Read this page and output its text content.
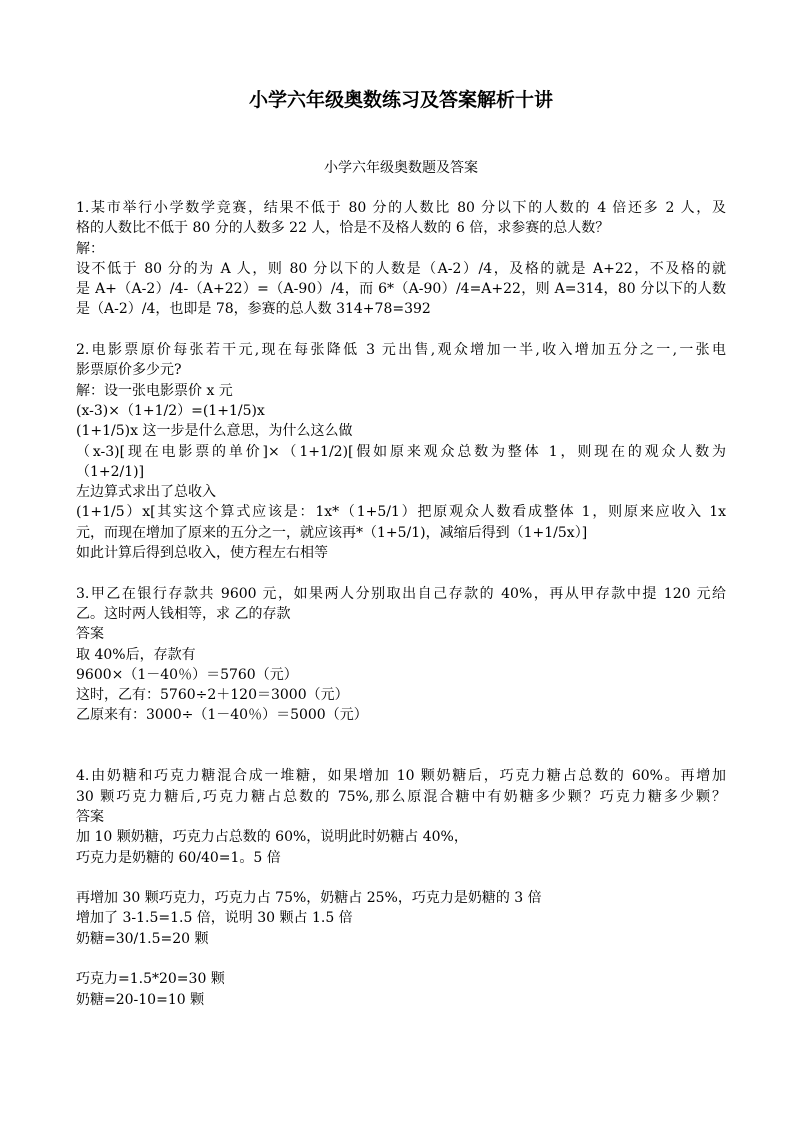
小学六年级奥数练习及答案解析十讲
小学六年级奥数题及答案
1.某市举行小学数学竞赛，结果不低于 80 分的人数比 80 分以下的人数的 4 倍还多 2 人，及
格的人数比不低于 80 分的人数多 22 人，恰是不及格人数的 6 倍，求参赛的总人数？
解：
设不低于 80 分的为 A 人，则 80 分以下的人数是（A-2）/4，及格的就是 A+22，不及格的就
是 A+（A-2）/4-（A+22）=（A-90）/4，而 6*（A-90）/4=A+22，则 A=314，80 分以下的人数
是（A-2）/4，也即是 78，参赛的总人数 314+78=392
2.电影票原价每张若干元,现在每张降低 3 元出售,观众增加一半,收入增加五分之一,一张电
影票原价多少元?
解：设一张电影票价 x 元
(x-3)×（1+1/2）=(1+1/5)x
(1+1/5)x 这一步是什么意思，为什么这么做
（x-3)[现在电影票的单价]×（1+1/2)[假如原来观众总数为整体 1，则现在的观众人数为
（1+2/1)]
左边算式求出了总收入
(1+1/5）x[其实这个算式应该是：1x*（1+5/1）把原观众人数看成整体 1，则原来应收入 1x
元，而现在增加了原来的五分之一，就应该再*（1+5/1)，减缩后得到（1+1/5x）]
如此计算后得到总收入，使方程左右相等
3.甲乙在银行存款共 9600 元，如果两人分别取出自己存款的 40%，再从甲存款中提 120 元给
乙。这时两人钱相等，求 乙的存款
答案
取 40%后，存款有
9600×（1－40％）＝5760（元）
这时，乙有：5760÷2＋120＝3000（元）
乙原来有：3000÷（1－40％）＝5000（元）
4.由奶糖和巧克力糖混合成一堆糖，如果增加 10 颗奶糖后，巧克力糖占总数的 60%。再增加
30 颗巧克力糖后,巧克力糖占总数的 75%,那么原混合糖中有奶糖多少颗？巧克力糖多少颗？
答案
加 10 颗奶糖，巧克力占总数的 60%，说明此时奶糖占 40%，
巧克力是奶糖的 60/40=1。5 倍
再增加 30 颗巧克力，巧克力占 75%，奶糖占 25%，巧克力是奶糖的 3 倍
增加了 3-1.5=1.5 倍，说明 30 颗占 1.5 倍
奶糖=30/1.5=20 颗
巧克力=1.5*20=30 颗
奶糖=20-10=10 颗
